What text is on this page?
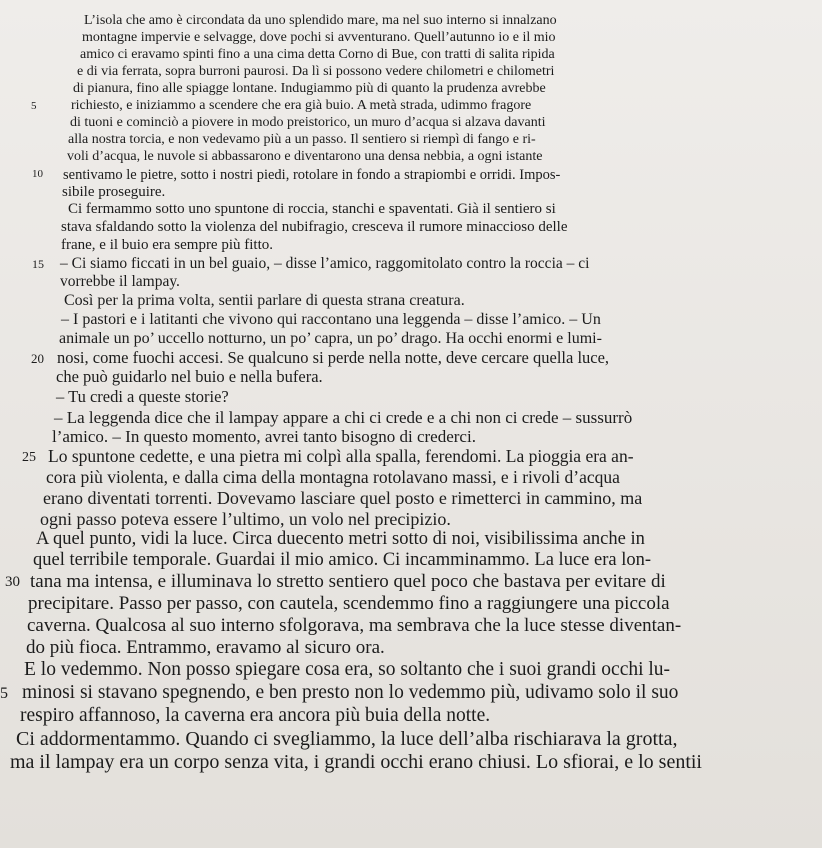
L’isola che amo è circondata da uno splendido mare, ma nel suo interno si innalzano
montagne impervie e selvagge, dove pochi si avventurano. Quell’autunno io e il mio
amico ci eravamo spinti fino a una cima detta Corno di Bue, con tratti di salita ripida
e di via ferrata, sopra burroni paurosi. Da lì si possono vedere chilometri e chilometri
di pianura, fino alle spiagge lontane. Indugiammo più di quanto la prudenza avrebbe
richiesto, e iniziammo a scendere che era già buio. A metà strada, udimmo fragore
di tuoni e cominciò a piovere in modo preistorico, un muro d’acqua si alzava davanti
alla nostra torcia, e non vedevamo più a un passo. Il sentiero si riempì di fango e ri-
voli d’acqua, le nuvole si abbassarono e diventarono una densa nebbia, a ogni istante
sentivamo le pietre, sotto i nostri piedi, rotolare in fondo a strapiombi e orridi. Impos-
sibile proseguire.
Ci fermammo sotto uno spuntone di roccia, stanchi e spaventati. Già il sentiero si
stava sfaldando sotto la violenza del nubifragio, cresceva il rumore minaccioso delle
frane, e il buio era sempre più fitto.
– Ci siamo ficcati in un bel guaio, – disse l’amico, raggomitolato contro la roccia – ci
vorrebbe il lampay.
Così per la prima volta, sentii parlare di questa strana creatura.
– I pastori e i latitanti che vivono qui raccontano una leggenda – disse l’amico. – Un
animale un po’ uccello notturno, un po’ capra, un po’ drago. Ha occhi enormi e lumi-
nosi, come fuochi accesi. Se qualcuno si perde nella notte, deve cercare quella luce,
che può guidarlo nel buio e nella bufera.
– Tu credi a queste storie?
– La leggenda dice che il lampay appare a chi ci crede e a chi non ci crede – sussurrò
l’amico. – In questo momento, avrei tanto bisogno di crederci.
Lo spuntone cedette, e una pietra mi colpì alla spalla, ferendomi. La pioggia era an-
cora più violenta, e dalla cima della montagna rotolavano massi, e i rivoli d’acqua
erano diventati torrenti. Dovevamo lasciare quel posto e rimetterci in cammino, ma
ogni passo poteva essere l’ultimo, un volo nel precipizio.
A quel punto, vidi la luce. Circa duecento metri sotto di noi, visibilissima anche in
quel terribile temporale. Guardai il mio amico. Ci incamminammo. La luce era lon-
tana ma intensa, e illuminava lo stretto sentiero quel poco che bastava per evitare di
precipitare. Passo per passo, con cautela, scendemmo fino a raggiungere una piccola
caverna. Qualcosa al suo interno sfolgorava, ma sembrava che la luce stesse diventan-
do più fioca. Entrammo, eravamo al sicuro ora.
E lo vedemmo. Non posso spiegare cosa era, so soltanto che i suoi grandi occhi lu-
minosi si stavano spegnendo, e ben presto non lo vedemmo più, udivamo solo il suo
respiro affannoso, la caverna era ancora più buia della notte.
Ci addormentammo. Quando ci svegliammo, la luce dell’alba rischiarava la grotta,
ma il lampay era un corpo senza vita, i grandi occhi erano chiusi. Lo sfiorai, e lo sentii
5
10
15
20
25
30
5
